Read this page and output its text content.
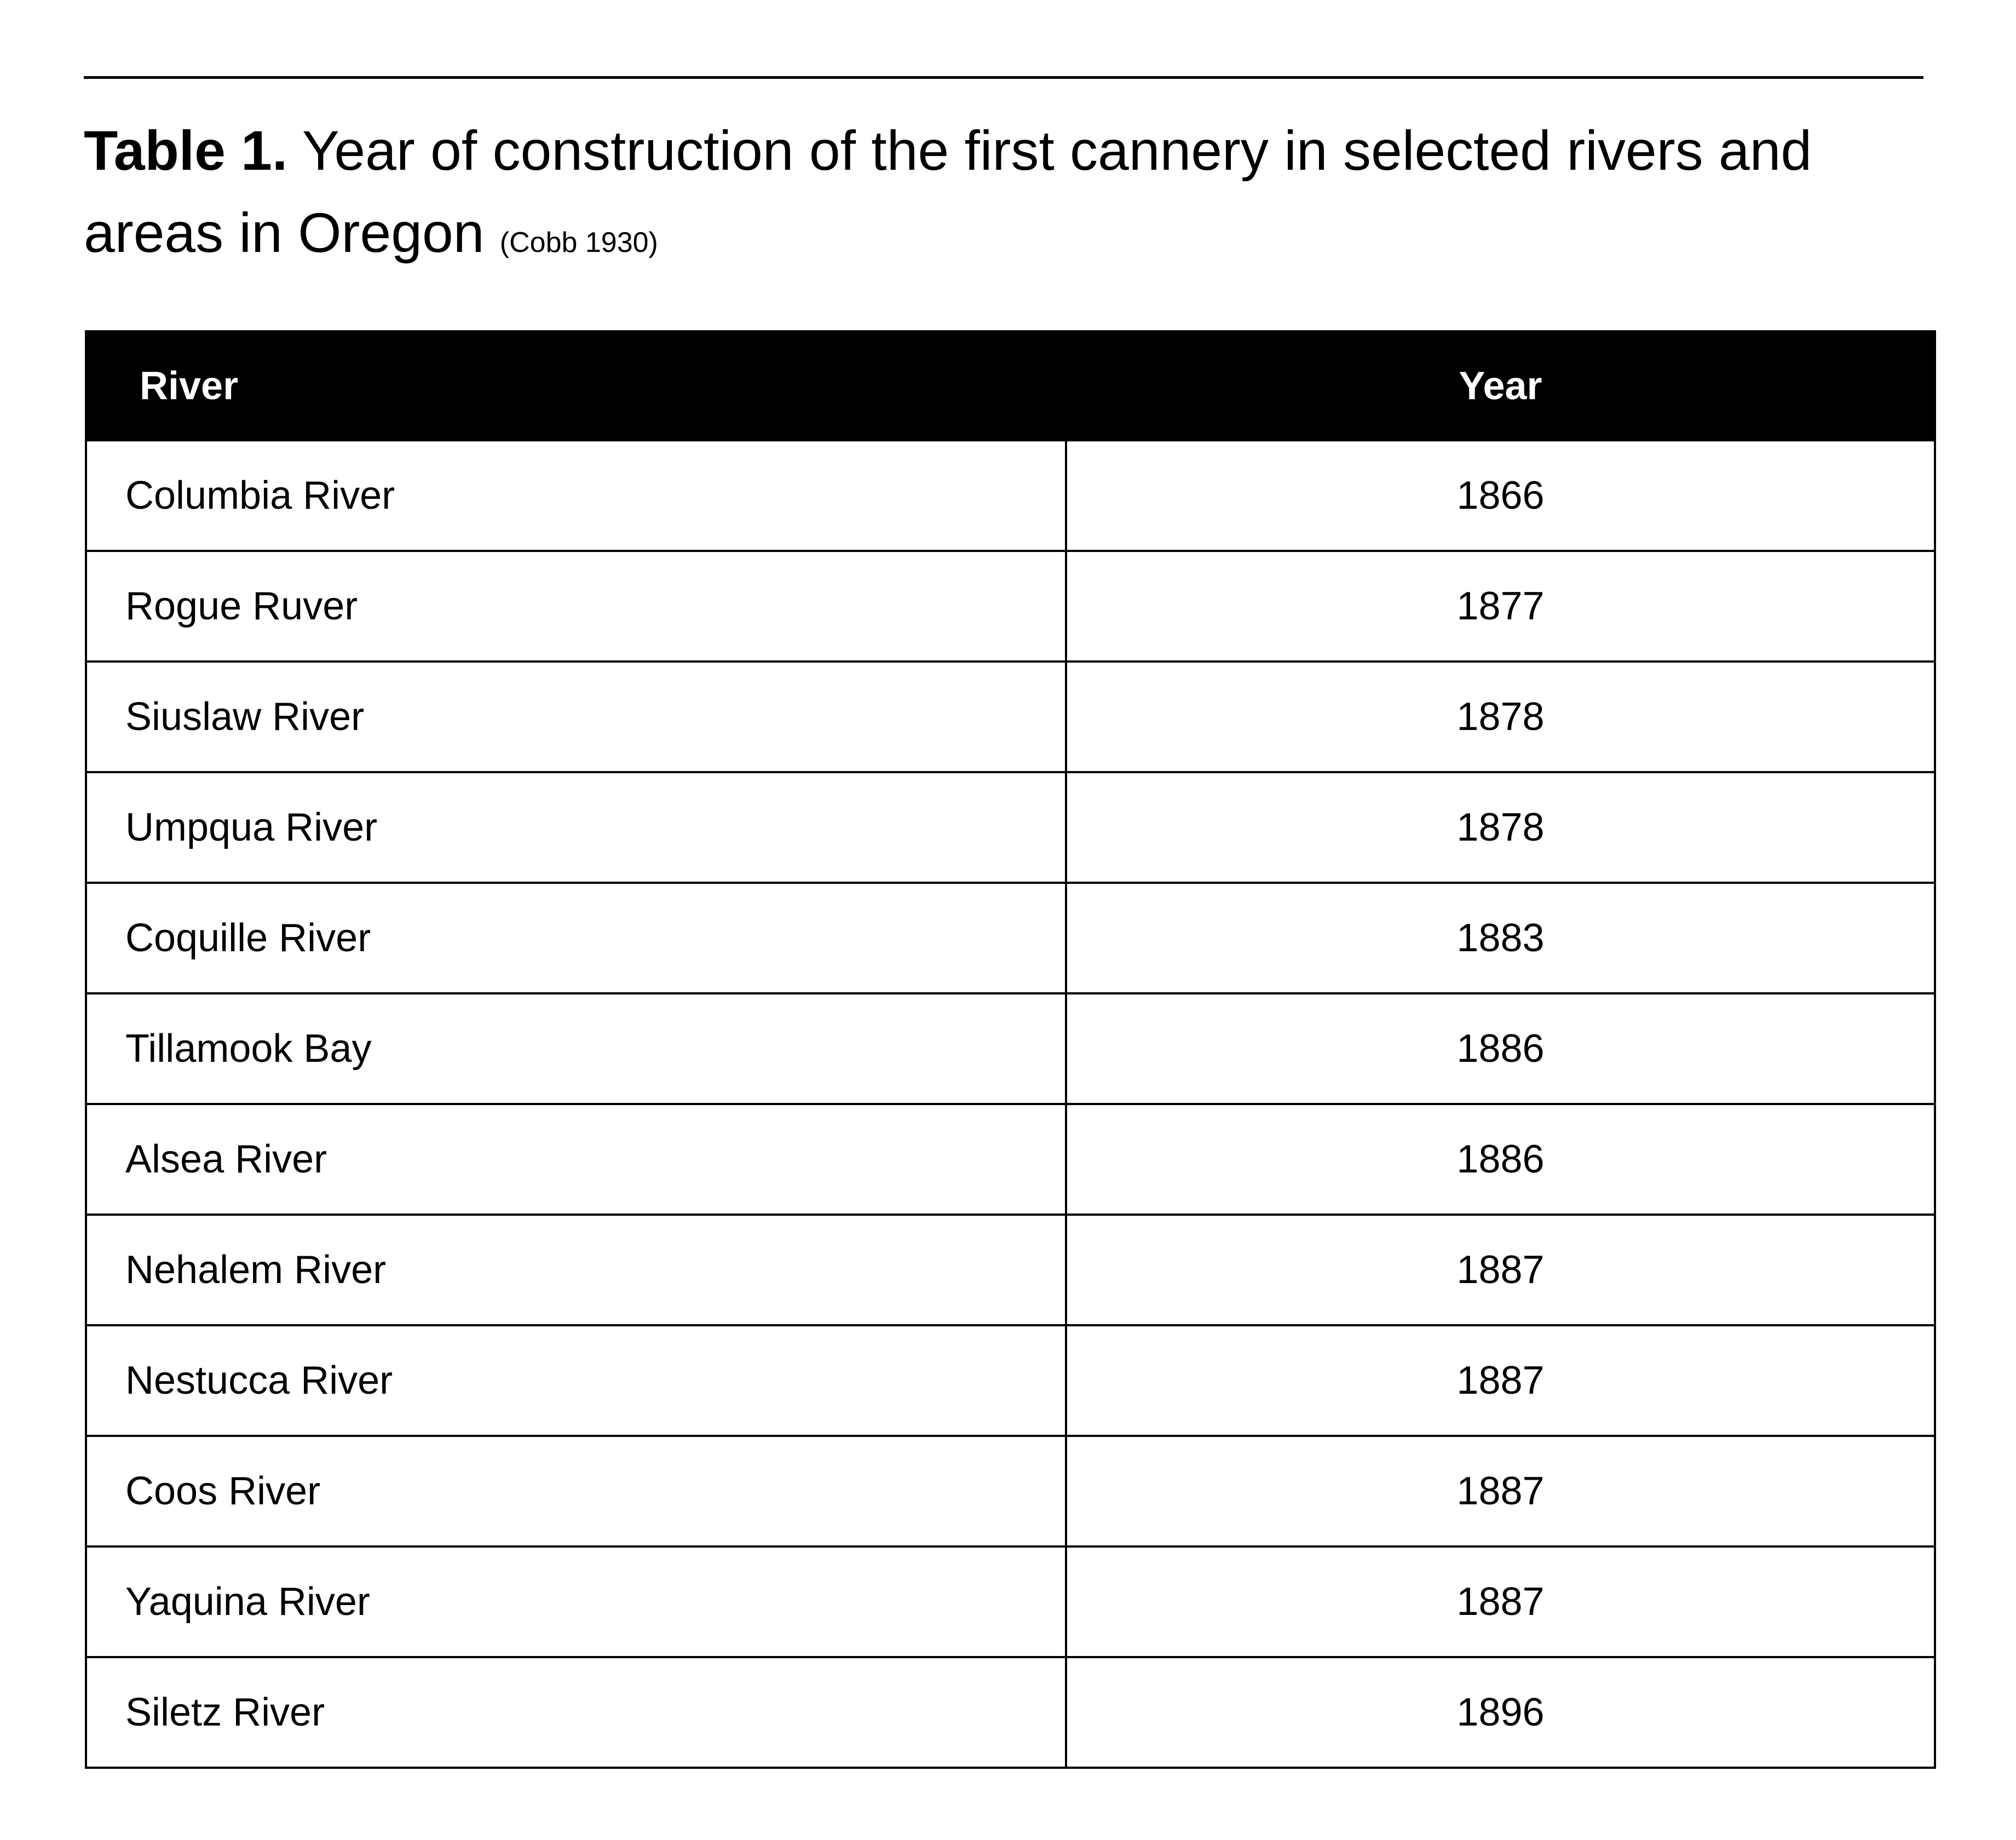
Table 1. Year of construction of the first cannery in selected rivers and areas in Oregon (Cobb 1930)
River	Year
Columbia River	1866
Rogue Ruver	1877
Siuslaw River	1878
Umpqua River	1878
Coquille River	1883
Tillamook Bay	1886
Alsea River	1886
Nehalem River	1887
Nestucca River	1887
Coos River	1887
Yaquina River	1887
Siletz River	1896
